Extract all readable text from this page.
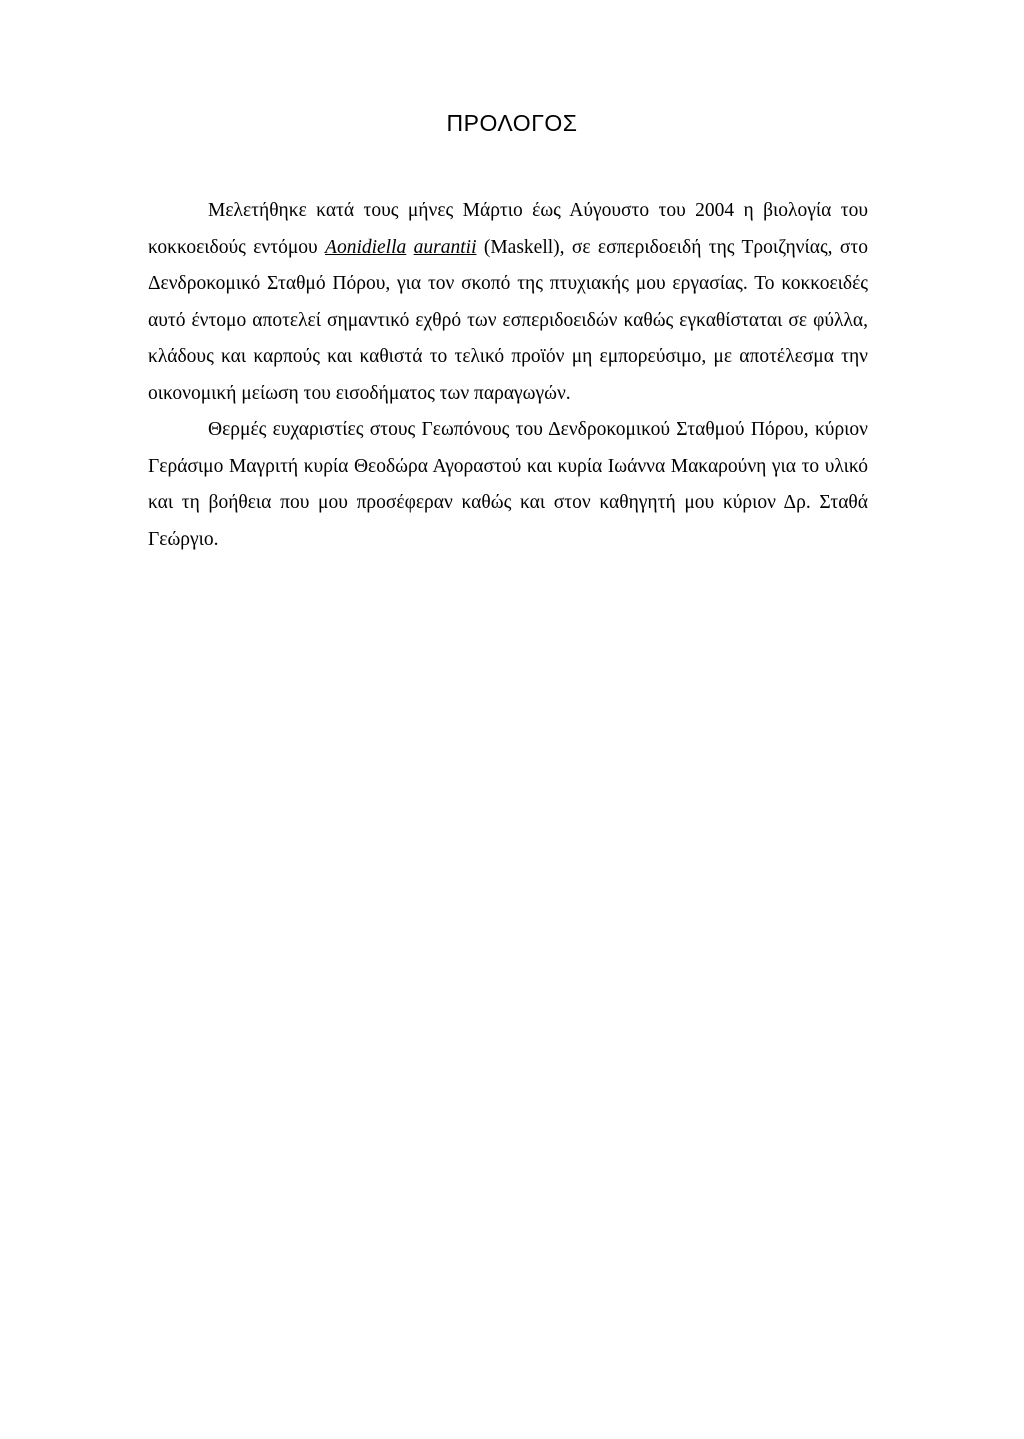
ΠΡΟΛΟΓΟΣ

Μελετήθηκε κατά τους μήνες Μάρτιο έως Αύγουστο του 2004 η βιολογία του κοκκοειδούς εντόμου Aonidiella aurantii (Maskell), σε εσπεριδοειδή της Τροιζηνίας, στο Δενδροκομικό Σταθμό Πόρου, για τον σκοπό της πτυχιακής μου εργασίας. Το κοκκοειδές αυτό έντομο αποτελεί σημαντικό εχθρό των εσπεριδοειδών καθώς εγκαθίσταται σε φύλλα, κλάδους και καρπούς και καθιστά το τελικό προϊόν μη εμπορεύσιμο, με αποτέλεσμα την οικονομική μείωση του εισοδήματος των παραγωγών.

Θερμές ευχαριστίες στους Γεωπόνους του Δενδροκομικού Σταθμού Πόρου, κύριον Γεράσιμο Μαγριτή κυρία Θεοδώρα Αγοραστού και κυρία Ιωάννα Μακαρούνη για το υλικό και τη βοήθεια που μου προσέφεραν καθώς και στον καθηγητή μου κύριον Δρ. Σταθά Γεώργιο.
